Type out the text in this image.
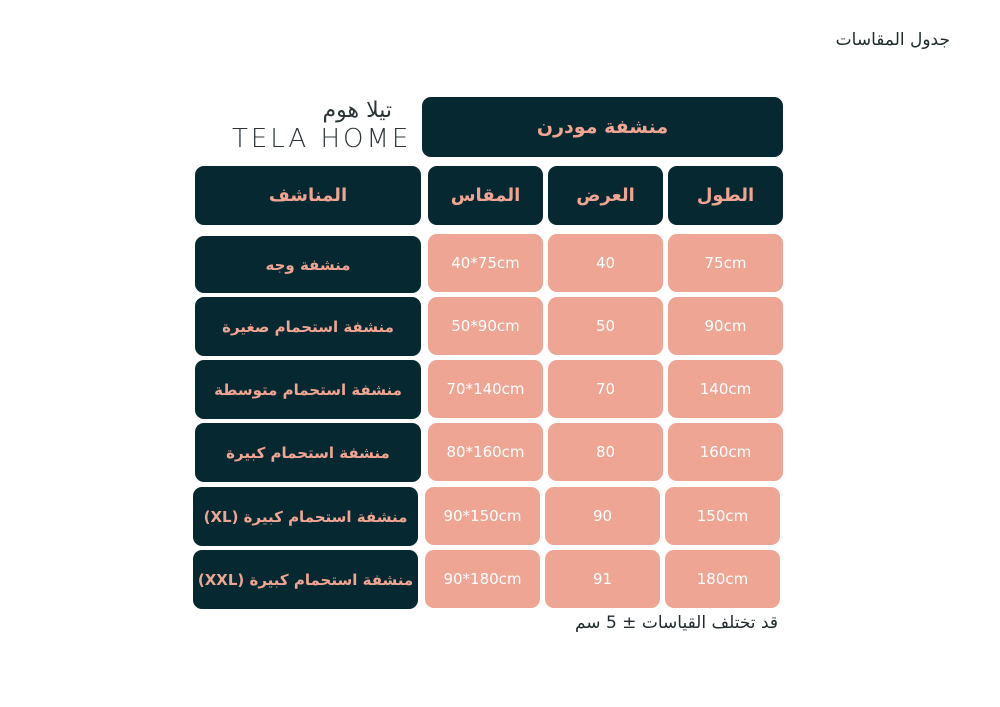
جدول المقاسات
تيلا هوم
TELA HOME	منشفة مودرن
المناشف	المقاس	العرض	الطول
منشفة وجه	40*75cm	40	75cm
منشفة استحمام صغيرة	50*90cm	50	90cm
منشفة استحمام متوسطة	70*140cm	70	140cm
منشفة استحمام كبيرة	80*160cm	80	160cm
منشفة استحمام كبيرة (XL)	90*150cm	90	150cm
منشفة استحمام كبيرة (XXL)	90*180cm	91	180cm
قد تختلف القياسات ± 5 سم
